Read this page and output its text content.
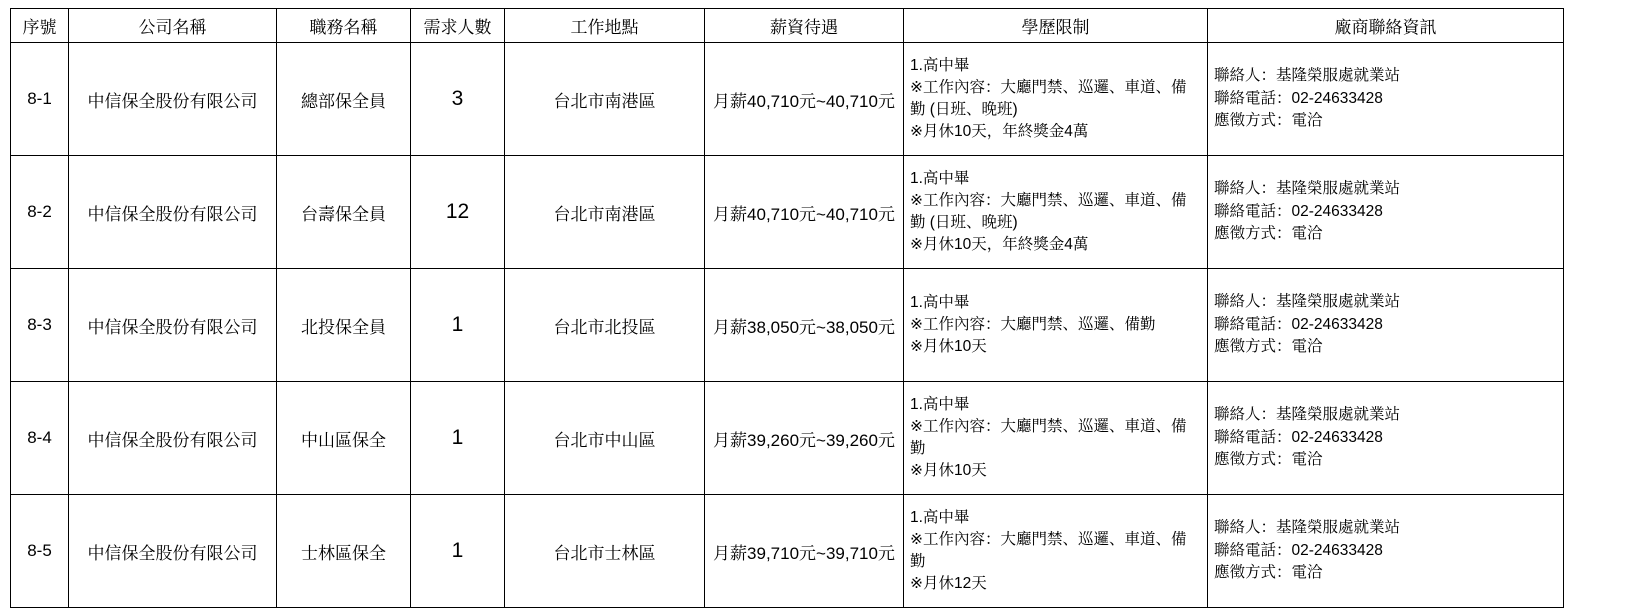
序號	公司名稱	職務名稱	需求人數	工作地點	薪資待遇	學歷限制	廠商聯絡資訊
8-1	中信保全股份有限公司	總部保全員	3	台北市南港區	月薪40,710元~40,710元	
1.高中畢
※工作內容：大廳門禁、巡邏、車道、備勤 (日班、晚班)
※月休10天，年終獎金4萬

聯絡人：基隆榮服處就業站
聯絡電話：02-24633428
應徵方式：電洽

8-2	中信保全股份有限公司	台壽保全員	12	台北市南港區	月薪40,710元~40,710元	
1.高中畢
※工作內容：大廳門禁、巡邏、車道、備勤 (日班、晚班)
※月休10天，年終獎金4萬

聯絡人：基隆榮服處就業站
聯絡電話：02-24633428
應徵方式：電洽

8-3	中信保全股份有限公司	北投保全員	1	台北市北投區	月薪38,050元~38,050元	
1.高中畢
※工作內容：大廳門禁、巡邏、備勤
※月休10天

聯絡人：基隆榮服處就業站
聯絡電話：02-24633428
應徵方式：電洽

8-4	中信保全股份有限公司	中山區保全	1	台北市中山區	月薪39,260元~39,260元	
1.高中畢
※工作內容：大廳門禁、巡邏、車道、備勤
※月休10天

聯絡人：基隆榮服處就業站
聯絡電話：02-24633428
應徵方式：電洽

8-5	中信保全股份有限公司	士林區保全	1	台北市士林區	月薪39,710元~39,710元	
1.高中畢
※工作內容：大廳門禁、巡邏、車道、備勤
※月休12天

聯絡人：基隆榮服處就業站
聯絡電話：02-24633428
應徵方式：電洽
